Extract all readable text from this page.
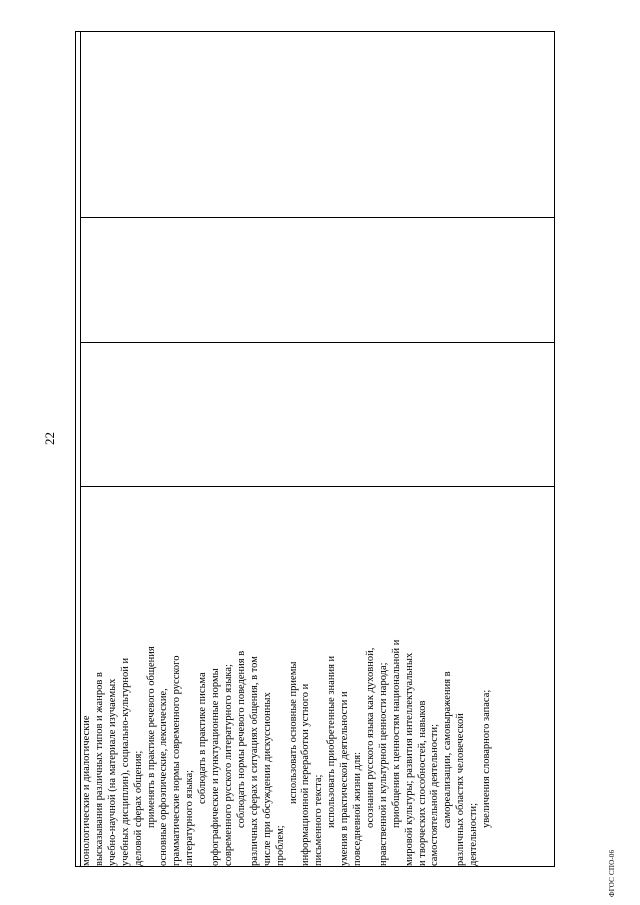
22

монологические и диалогические высказывания различных типов и жанров в учебно-научной (на материале изучаемых учебных дисциплин), социально-культурной и деловой сферах общения; применять в практике речевого общения основные орфоэпические, лексические, грамматические нормы современного русского литературного языка;
соблюдать в практике письма орфографические и пунктуационные нормы современного русского литературного языка; соблюдать нормы речевого поведения в различных сферах и ситуациях общения, в том числе при обсуждении дискуссионных проблем;
использовать основные приемы информационной переработки устного и письменного текста; использовать приобретенные знания и умения в практической деятельности и повседневной жизни для: осознания русского языка как духовной, нравственной и культурной ценности народа; приобщения к ценностям национальной и мировой культуры; развития интеллектуальных и творческих способностей, навыков самостоятельной деятельности; самореализации, самовыражения в различных областях человеческой деятельности;
увеличения словарного запаса;

ФГОС СПО-06
